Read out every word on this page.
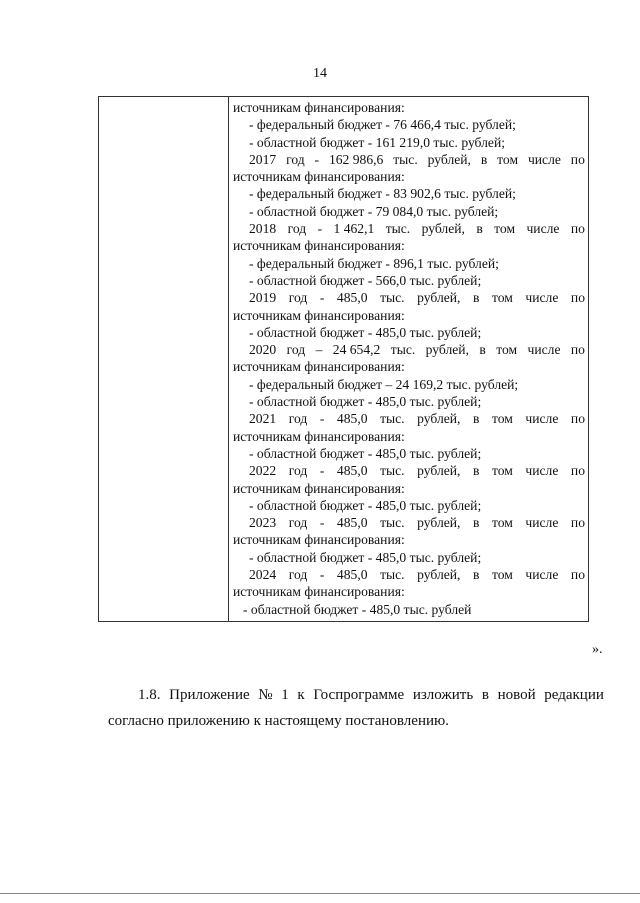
14
источникам финансирования:
- федеральный бюджет - 76 466,4 тыс. рублей;
- областной бюджет - 161 219,0 тыс. рублей;
2017 год - 162 986,6 тыс. рублей, в том числе по
источникам финансирования:
- федеральный бюджет - 83 902,6 тыс. рублей;
- областной бюджет - 79 084,0 тыс. рублей;
2018 год - 1 462,1 тыс. рублей, в том числе по
источникам финансирования:
- федеральный бюджет - 896,1 тыс. рублей;
- областной бюджет - 566,0 тыс. рублей;
2019 год - 485,0 тыс. рублей, в том числе по
источникам финансирования:
- областной бюджет - 485,0 тыс. рублей;
2020 год – 24 654,2 тыс. рублей, в том числе по
источникам финансирования:
- федеральный бюджет – 24 169,2 тыс. рублей;
- областной бюджет - 485,0 тыс. рублей;
2021 год - 485,0 тыс. рублей, в том числе по
источникам финансирования:
- областной бюджет - 485,0 тыс. рублей;
2022 год - 485,0 тыс. рублей, в том числе по
источникам финансирования:
- областной бюджет - 485,0 тыс. рублей;
2023 год - 485,0 тыс. рублей, в том числе по
источникам финансирования:
- областной бюджет - 485,0 тыс. рублей;
2024 год - 485,0 тыс. рублей, в том числе по
источникам финансирования:
- областной бюджет - 485,0 тыс. рублей
».
1.8. Приложение № 1 к Госпрограмме изложить в новой редакции
согласно приложению к настоящему постановлению.
